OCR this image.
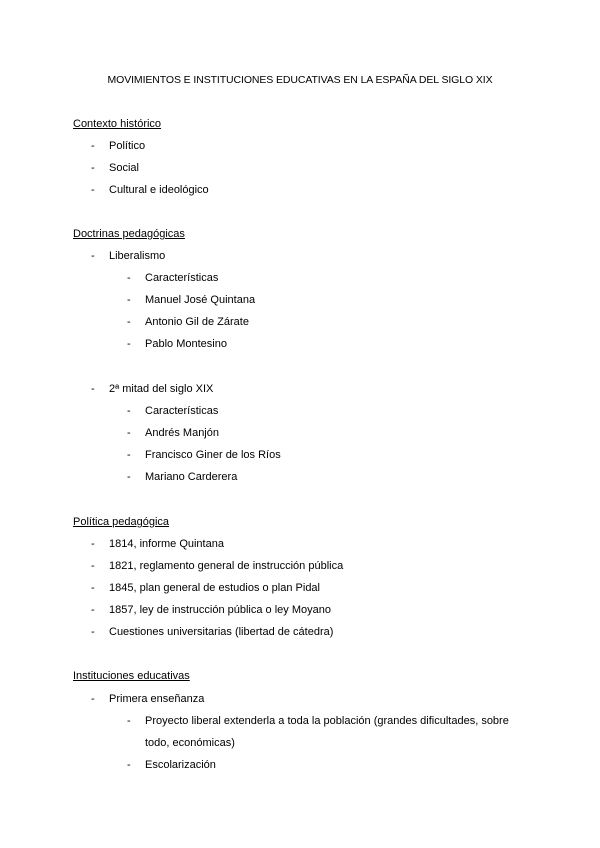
MOVIMIENTOS E INSTITUCIONES EDUCATIVAS EN LA ESPAÑA DEL SIGLO XIX
Contexto histórico
- Político
- Social
- Cultural e ideológico
Doctrinas pedagógicas
- Liberalismo
- Características
- Manuel José Quintana
- Antonio Gil de Zárate
- Pablo Montesino
- 2ª mitad del siglo XIX
- Características
- Andrés Manjón
- Francisco Giner de los Ríos
- Mariano Carderera
Política pedagógica
- 1814, informe Quintana
- 1821, reglamento general de instrucción pública
- 1845, plan general de estudios o plan Pidal
- 1857, ley de instrucción pública o ley Moyano
- Cuestiones universitarias (libertad de cátedra)
Instituciones educativas
- Primera enseñanza
- Proyecto liberal extenderla a toda la población (grandes dificultades, sobre
todo, económicas)
- Escolarización
